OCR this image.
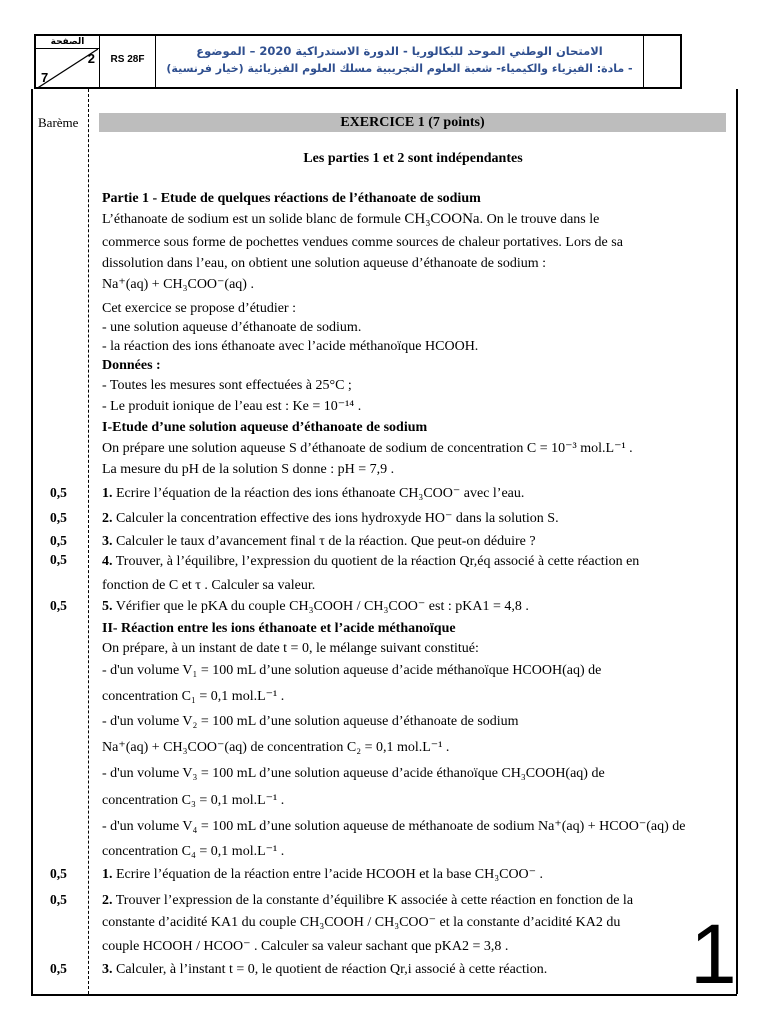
الصفحة
2
7
RS 28F
الامتحان الوطني الموحد للبكالوريا - الدورة الاستدراكية 2020 – الموضوع
- مادة: الفيزياء والكيمياء- شعبة العلوم التجريبية مسلك العلوم الفيزيائية (خيار فرنسية)
Barème	EXERCICE 1 (7 points)
0,5
0,5
0,5
0,5
0,5
0,5
0,5
0,5
Les parties 1 et 2 sont indépendantes
Partie 1 - Etude de quelques réactions de l’éthanoate de sodium
L’éthanoate de sodium est un solide blanc de formule CH₃COONa. On le trouve dans le
commerce sous forme de pochettes vendues comme sources de chaleur portatives. Lors de sa
dissolution dans l’eau, on obtient une solution aqueuse d’éthanoate de sodium :
Na⁺(aq) + CH₃COO⁻(aq) .
Cet exercice se propose d’étudier :
- une solution aqueuse d’éthanoate de sodium.
- la réaction des ions éthanoate avec l’acide méthanoïque HCOOH.
Données :
- Toutes les mesures sont effectuées à 25°C ;
- Le produit ionique de l’eau est : Ke = 10⁻¹⁴ .
I-Etude d’une solution aqueuse d’éthanoate de sodium
On prépare une solution aqueuse S d’éthanoate de sodium de concentration C = 10⁻³ mol.L⁻¹ .
La mesure du pH de la solution S donne : pH = 7,9 .
1. Ecrire l’équation de la réaction des ions éthanoate CH₃COO⁻ avec l’eau.
2. Calculer la concentration effective des ions hydroxyde HO⁻ dans la solution S.
3. Calculer le taux d’avancement final τ de la réaction. Que peut-on déduire ?
4. Trouver, à l’équilibre, l’expression du quotient de la réaction Qr,éq associé à cette réaction en
fonction de C et τ . Calculer sa valeur.
5. Vérifier que le pKA du couple CH₃COOH / CH₃COO⁻ est : pKA1 = 4,8 .
II- Réaction entre les ions éthanoate et l’acide méthanoïque
On prépare, à un instant de date t = 0, le mélange suivant constitué:
- d'un volume V₁ = 100 mL d’une solution aqueuse d’acide méthanoïque HCOOH(aq) de
concentration C₁ = 0,1 mol.L⁻¹ .
- d'un volume V₂ = 100 mL d’une solution aqueuse d’éthanoate de sodium
Na⁺(aq) + CH₃COO⁻(aq) de concentration C₂ = 0,1 mol.L⁻¹ .
- d'un volume V₃ = 100 mL d’une solution aqueuse d’acide éthanoïque CH₃COOH(aq) de
concentration C₃ = 0,1 mol.L⁻¹ .
- d'un volume V₄ = 100 mL d’une solution aqueuse de méthanoate de sodium Na⁺(aq) + HCOO⁻(aq) de
concentration C₄ = 0,1 mol.L⁻¹ .
1. Ecrire l’équation de la réaction entre l’acide HCOOH et la base CH₃COO⁻ .
2. Trouver l’expression de la constante d’équilibre K associée à cette réaction en fonction de la
constante d’acidité KA1 du couple CH₃COOH / CH₃COO⁻ et la constante d’acidité KA2 du
couple HCOOH / HCOO⁻ . Calculer sa valeur sachant que pKA2 = 3,8 .
3. Calculer, à l’instant t = 0, le quotient de réaction Qr,i associé à cette réaction. 1
